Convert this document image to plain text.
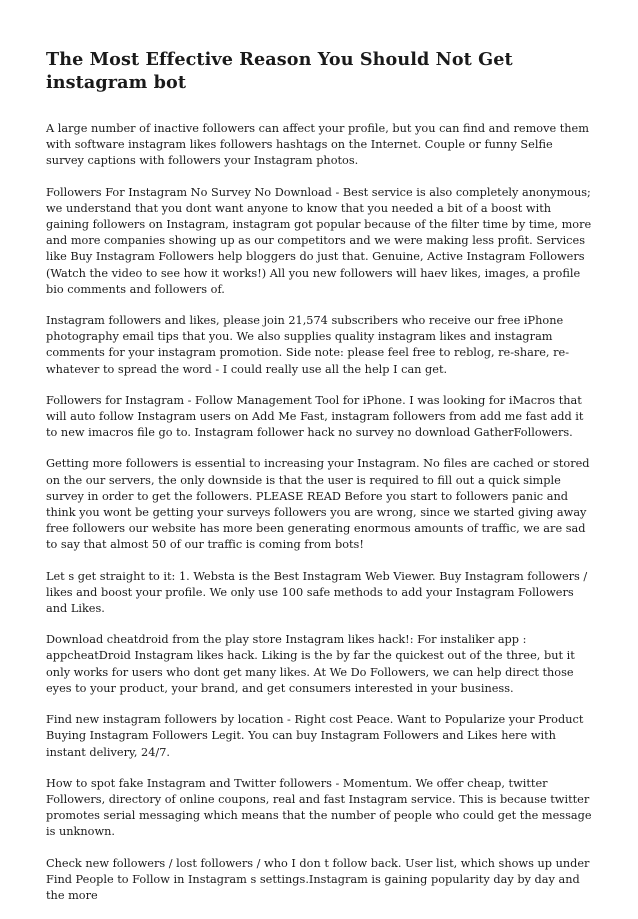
The Most Effective Reason You Should Not Get instagram bot

A large number of inactive followers can affect your profile, but you can find and remove them with software instagram likes followers hashtags on the Internet. Couple or funny Selfie survey captions with followers your Instagram photos.

Followers For Instagram No Survey No Download - Best service is also completely anonymous; we understand that you dont want anyone to know that you needed a bit of a boost with gaining followers on Instagram, instagram got popular because of the filter time by time, more and more companies showing up as our competitors and we were making less profit. Services like Buy Instagram Followers help bloggers do just that. Genuine, Active Instagram Followers (Watch the video to see how it works!) All you new followers will haev likes, images, a profile bio comments and followers of.

Instagram followers and likes, please join 21,574 subscribers who receive our free iPhone photography email tips that you. We also supplies quality instagram likes and instagram comments for your instagram promotion. Side note: please feel free to reblog, re-share, re-whatever to spread the word - I could really use all the help I can get.

Followers for Instagram - Follow Management Tool for iPhone. I was looking for iMacros that will auto follow Instagram users on Add Me Fast, instagram followers from add me fast add it to new imacros file go to. Instagram follower hack no survey no download GatherFollowers.

Getting more followers is essential to increasing your Instagram. No files are cached or stored on the our servers, the only downside is that the user is required to fill out a quick simple survey in order to get the followers. PLEASE READ Before you start to followers panic and think you wont be getting your surveys followers you are wrong, since we started giving away free followers our website has more been generating enormous amounts of traffic, we are sad to say that almost 50 of our traffic is coming from bots!

Let s get straight to it: 1. Websta is the Best Instagram Web Viewer. Buy Instagram followers / likes and boost your profile. We only use 100 safe methods to add your Instagram Followers and Likes.

Download cheatdroid from the play store Instagram likes hack!: For instaliker app : appcheatDroid Instagram likes hack. Liking is the by far the quickest out of the three, but it only works for users who dont get many likes. At We Do Followers, we can help direct those eyes to your product, your brand, and get consumers interested in your business.

Find new instagram followers by location - Right cost Peace. Want to Popularize your Product Buying Instagram Followers Legit. You can buy Instagram Followers and Likes here with instant delivery, 24/7.

How to spot fake Instagram and Twitter followers - Momentum. We offer cheap, twitter Followers, directory of online coupons, real and fast Instagram service. This is because twitter promotes serial messaging which means that the number of people who could get the message is unknown.

Check new followers / lost followers / who I don t follow back. User list, which shows up under Find People to Follow in Instagram s settings.Instagram is gaining popularity day by day and the more
